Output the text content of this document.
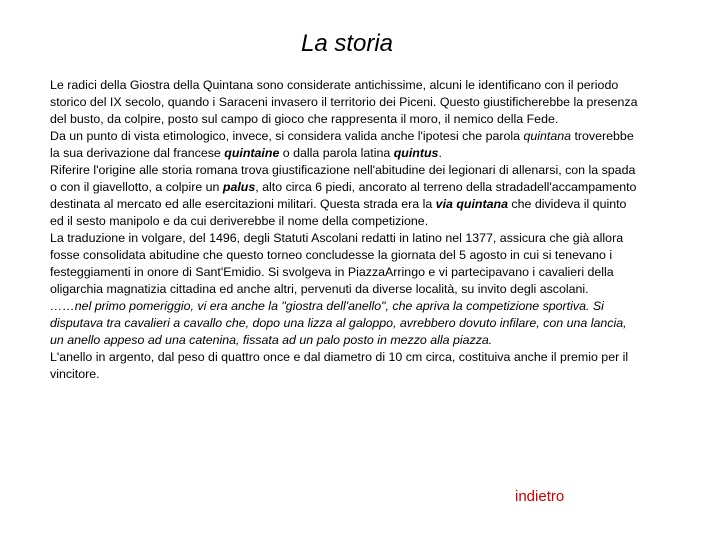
La storia

Le radici della Giostra della Quintana sono considerate antichissime, alcuni le identificano con il periodo storico del IX secolo, quando i Saraceni invasero il territorio dei Piceni. Questo giustificherebbe la presenza del busto, da colpire, posto sul campo di gioco che rappresenta il moro, il nemico della Fede.

Da un punto di vista etimologico, invece, si considera valida anche l'ipotesi che parola quintana troverebbe la sua derivazione dal francese quintaine o dalla parola latina quintus.

Riferire l'origine alle storia romana trova giustificazione nell'abitudine dei legionari di allenarsi, con la spada o con il giavellotto, a colpire un palus, alto circa 6 piedi, ancorato al terreno della stradadell'accampamento destinata al mercato ed alle esercitazioni militari. Questa strada era la via quintana che divideva il quinto ed il sesto manipolo e da cui deriverebbe il nome della competizione.

La traduzione in volgare, del 1496, degli Statuti Ascolani redatti in latino nel 1377, assicura che già allora fosse consolidata abitudine che questo torneo concludesse la giornata del 5 agosto in cui si tenevano i festeggiamenti in onore di Sant'Emidio. Si svolgeva in PiazzaArringo e vi partecipavano i cavalieri della oligarchia magnatizia cittadina ed anche altri, pervenuti da diverse località, su invito degli ascolani.

……nel primo pomeriggio, vi era anche la "giostra dell'anello", che apriva la competizione sportiva. Si disputava tra cavalieri a cavallo che, dopo una lizza al galoppo, avrebbero dovuto infilare, con una lancia, un anello appeso ad una catenina, fissata ad un palo posto in mezzo alla piazza.

L'anello in argento, dal peso di quattro once e dal diametro di 10 cm circa, costituiva anche il premio per il vincitore.

indietro
